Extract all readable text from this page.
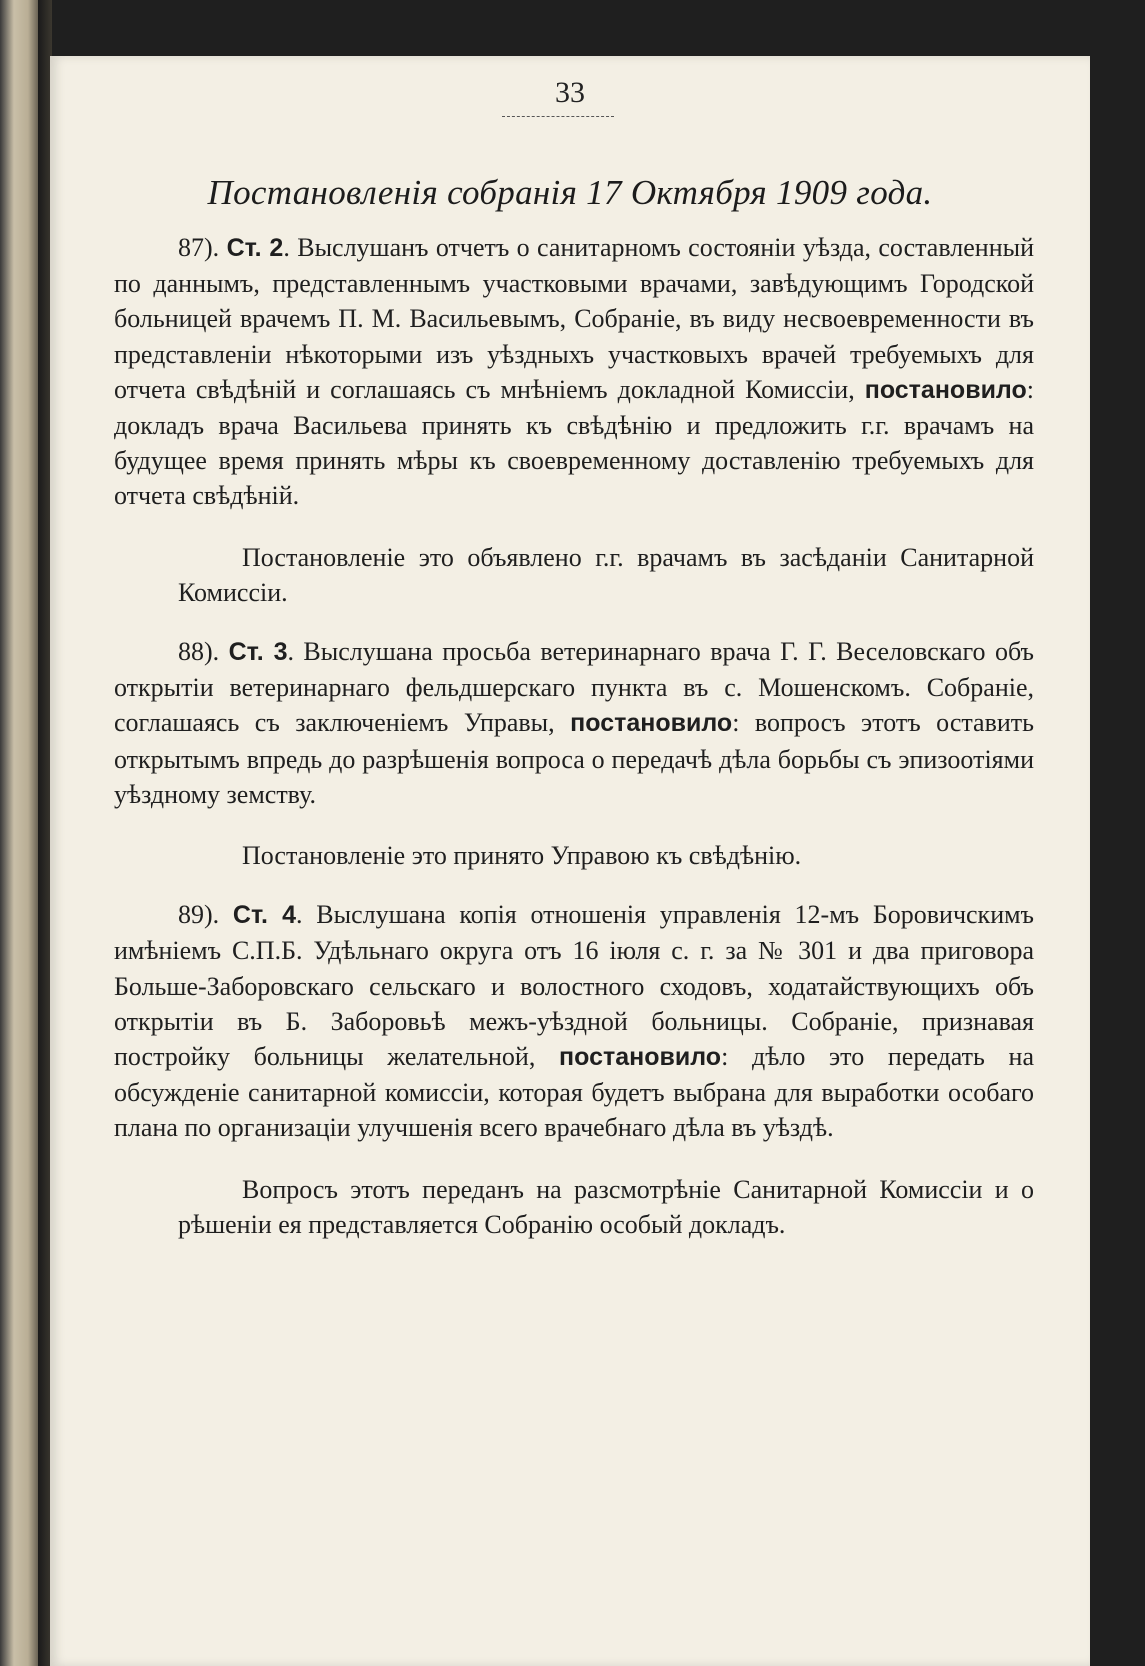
33
Постановленія собранія 17 Октября 1909 года.

87). Ст. 2. Выслушанъ отчетъ о санитарномъ состояніи уѣзда, составленный по даннымъ, представленнымъ участковыми врачами, завѣдующимъ Городской больницей врачемъ П. М. Васильевымъ, Собраніе, въ виду несвоевременности въ представленіи нѣкоторыми изъ уѣздныхъ участковыхъ врачей требуемыхъ для отчета свѣдѣній и соглашаясь съ мнѣніемъ докладной Комиссіи, постановило: докладъ врача Васильева принять къ свѣдѣнію и предложить г.г. врачамъ на будущее время принять мѣры къ своевременному доставленію требуемыхъ для отчета свѣдѣній.

Постановленіе это объявлено г.г. врачамъ въ засѣданіи Санитарной Комиссіи.

88). Ст. 3. Выслушана просьба ветеринарнаго врача Г. Г. Веселовскаго объ открытіи ветеринарнаго фельдшерскаго пункта въ с. Мошенскомъ. Собраніе, соглашаясь съ заключеніемъ Управы, постановило: вопросъ этотъ оставить открытымъ впредь до разрѣшенія вопроса о передачѣ дѣла борьбы съ эпизоотіями уѣздному земству.

Постановленіе это принято Управою къ свѣдѣнію.

89). Ст. 4. Выслушана копія отношенія управленія 12-мъ Боровичскимъ имѣніемъ С.П.Б. Удѣльнаго округа отъ 16 іюля с. г. за № 301 и два приговора Больше-Заборовскаго сельскаго и волостного сходовъ, ходатайствующихъ объ открытіи въ Б. Заборовьѣ межъ-уѣздной больницы. Собраніе, признавая постройку больницы желательной, постановило: дѣло это передать на обсужденіе санитарной комиссіи, которая будетъ выбрана для выработки особаго плана по организаціи улучшенія всего врачебнаго дѣла въ уѣздѣ.

Вопросъ этотъ переданъ на разсмотрѣніе Санитарной Комиссіи и о рѣшеніи ея представляется Собранію особый докладъ.
